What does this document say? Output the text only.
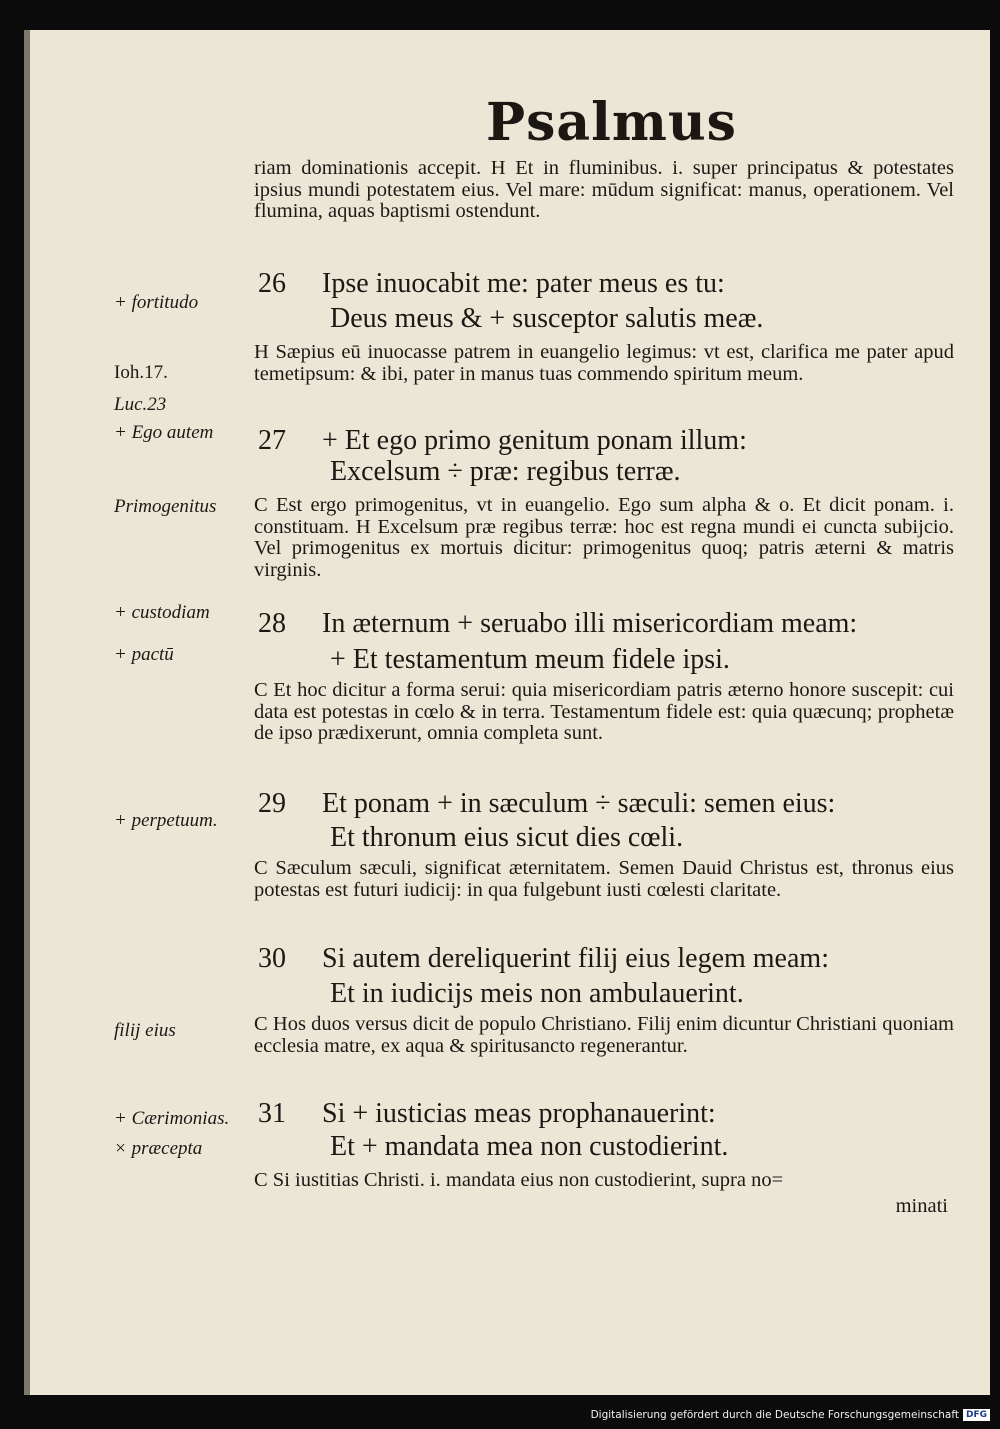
Psalmus
riam dominationis accepit. H Et in fluminibus. i. super principatus & potestates ipsius mundi potestatem eius. Vel mare: mūdum significat: manus, operationem. Vel flumina, aquas baptismi ostendunt.
26 Ipse inuocabit me: pater meus es tu:
Deus meus & + susceptor salutis meæ.
H Sæpius eū inuocasse patrem in euangelio legimus: vt est, clarifica me pater apud temetipsum: & ibi, pater in manus tuas commendo spiritum meum.
27 + Et ego primo genitum ponam illum:
Excelsum ÷ præ: regibus terræ.
C Est ergo primogenitus, vt in euangelio. Ego sum alpha & o. Et dicit ponam. i. constituam. H Excelsum præ regibus terræ: hoc est regna mundi ei cuncta subijcio. Vel primogenitus ex mortuis dicitur: primogenitus quoq; patris æterni & matris virginis.
28 In æternum + seruabo illi misericordiam meam:
+ Et testamentum meum fidele ipsi.
C Et hoc dicitur a forma serui: quia misericordiam patris æterno honore suscepit: cui data est potestas in cœlo & in terra. Testamentum fidele est: quia quæcunq; prophetæ de ipso prædixerunt, omnia completa sunt.
29 Et ponam + in sæculum ÷ sæculi: semen eius:
Et thronum eius sicut dies cœli.
C Sæculum sæculi, significat æternitatem. Semen Dauid Christus est, thronus eius potestas est futuri iudicij: in qua fulgebunt iusti cœlesti claritate.
30 Si autem dereliquerint filij eius legem meam:
Et in iudicijs meis non ambulauerint.
C Hos duos versus dicit de populo Christiano. Filij enim dicuntur Christiani quoniam ecclesia matre, ex aqua & spiritusancto regenerantur.
31 Si + iusticias meas prophanauerint:
Et + mandata mea non custodierint.
C Si iustitias Christi. i. mandata eius non custodierint, supra no=
minati
+ fortitudo
Ioh.17.
Luc.23
+ Ego autem
Primogenitus
+ custodiam
+ pactū
+ perpetuum.
filij eius
+ Cærimonias.
× præcepta
Digitalisierung gefördert durch die Deutsche Forschungsgemeinschaft DFG
